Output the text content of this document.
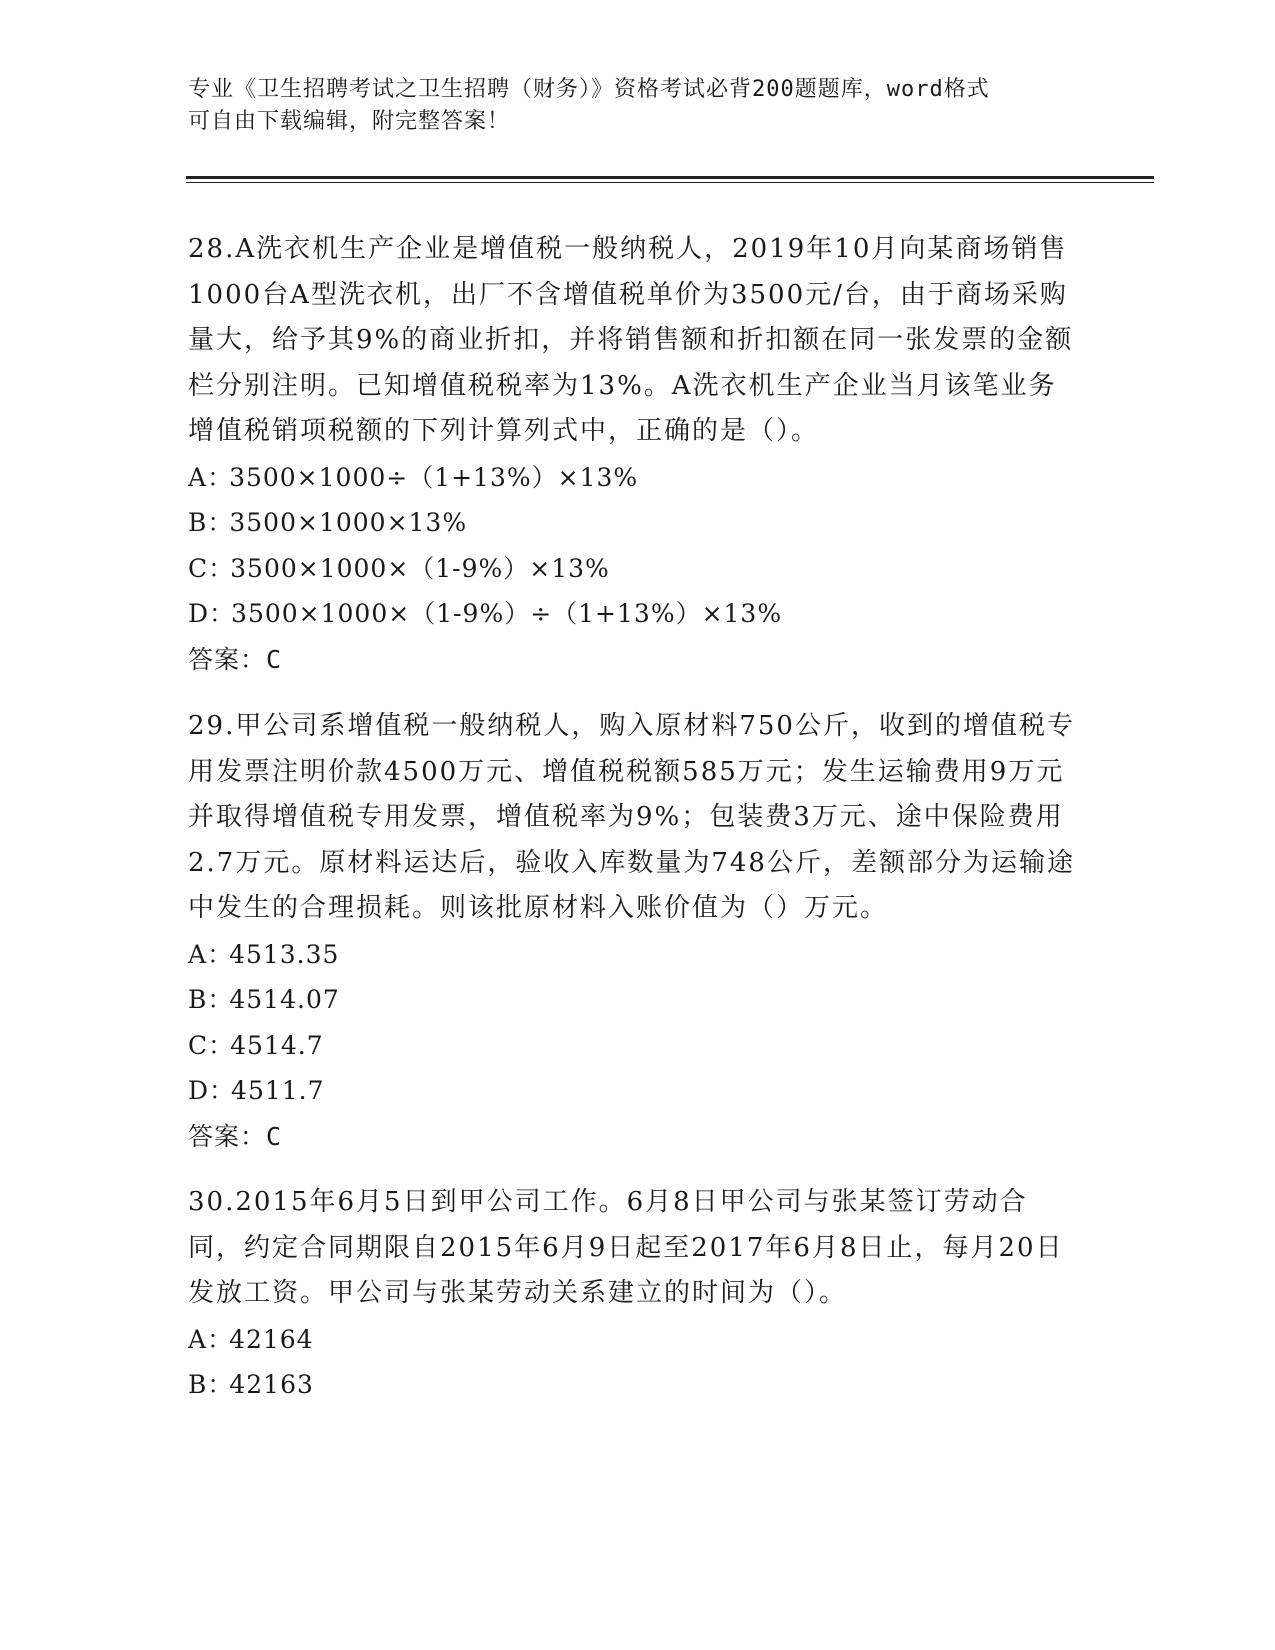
专业《卫生招聘考试之卫生招聘（财务）》资格考试必背200题题库，word格式
可自由下载编辑，附完整答案！

28.A洗衣机生产企业是增值税一般纳税人，2019年10月向某商场销售1000台A型洗衣机，出厂不含增值税单价为3500元/台，由于商场采购量大，给予其9%的商业折扣，并将销售额和折扣额在同一张发票的金额栏分别注明。已知增值税税率为13%。A洗衣机生产企业当月该笔业务增值税销项税额的下列计算列式中，正确的是（）。

A：3500×1000÷（1+13%）×13%
B：3500×1000×13%
C：3500×1000×（1-9%）×13%
D：3500×1000×（1-9%）÷（1+13%）×13%
答案：C

29.甲公司系增值税一般纳税人，购入原材料750公斤，收到的增值税专用发票注明价款4500万元、增值税税额585万元；发生运输费用9万元并取得增值税专用发票，增值税率为9%；包装费3万元、途中保险费用2.7万元。原材料运达后，验收入库数量为748公斤，差额部分为运输途中发生的合理损耗。则该批原材料入账价值为（）万元。

A：4513.35
B：4514.07
C：4514.7
D：4511.7
答案：C

30.2015年6月5日到甲公司工作。6月8日甲公司与张某签订劳动合同，约定合同期限自2015年6月9日起至2017年6月8日止，每月20日发放工资。甲公司与张某劳动关系建立的时间为（）。

A：42164
B：42163
